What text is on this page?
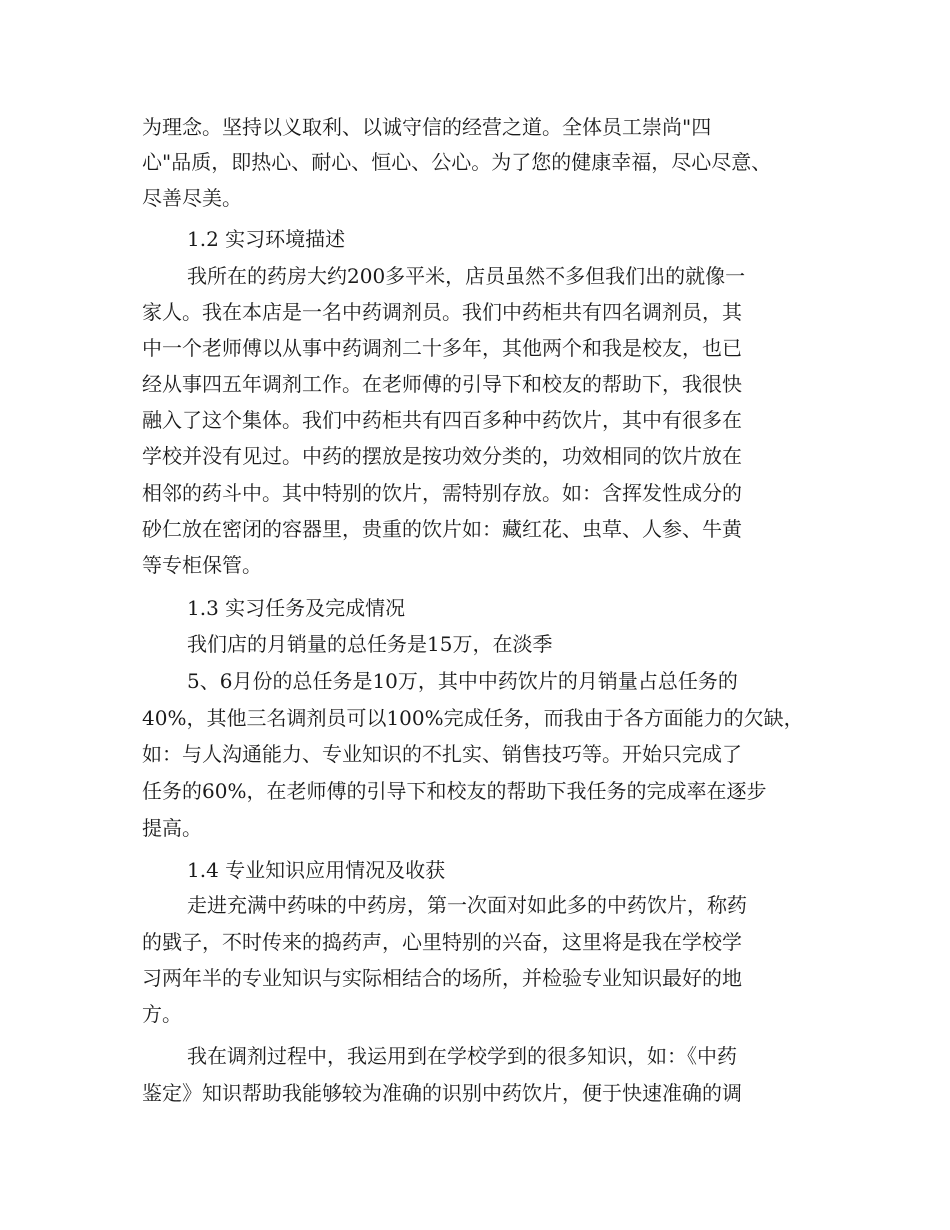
为理念。坚持以义取利、以诚守信的经营之道。全体员工崇尚"四
心"品质，即热心、耐心、恒心、公心。为了您的健康幸福，尽心尽意、
尽善尽美。
1.2 实习环境描述
我所在的药房大约200多平米，店员虽然不多但我们出的就像一
家人。我在本店是一名中药调剂员。我们中药柜共有四名调剂员，其
中一个老师傅以从事中药调剂二十多年，其他两个和我是校友，也已
经从事四五年调剂工作。在老师傅的引导下和校友的帮助下，我很快
融入了这个集体。我们中药柜共有四百多种中药饮片，其中有很多在
学校并没有见过。中药的摆放是按功效分类的，功效相同的饮片放在
相邻的药斗中。其中特别的饮片，需特别存放。如：含挥发性成分的
砂仁放在密闭的容器里，贵重的饮片如：藏红花、虫草、人参、牛黄
等专柜保管。
1.3 实习任务及完成情况
我们店的月销量的总任务是15万，在淡季
5、6月份的总任务是10万，其中中药饮片的月销量占总任务的
40%，其他三名调剂员可以100%完成任务，而我由于各方面能力的欠缺，
如：与人沟通能力、专业知识的不扎实、销售技巧等。开始只完成了
任务的60%，在老师傅的引导下和校友的帮助下我任务的完成率在逐步
提高。
1.4 专业知识应用情况及收获
走进充满中药味的中药房，第一次面对如此多的中药饮片，称药
的戥子，不时传来的捣药声，心里特别的兴奋，这里将是我在学校学
习两年半的专业知识与实际相结合的场所，并检验专业知识最好的地
方。
我在调剂过程中，我运用到在学校学到的很多知识，如：《中药
鉴定》知识帮助我能够较为准确的识别中药饮片，便于快速准确的调
